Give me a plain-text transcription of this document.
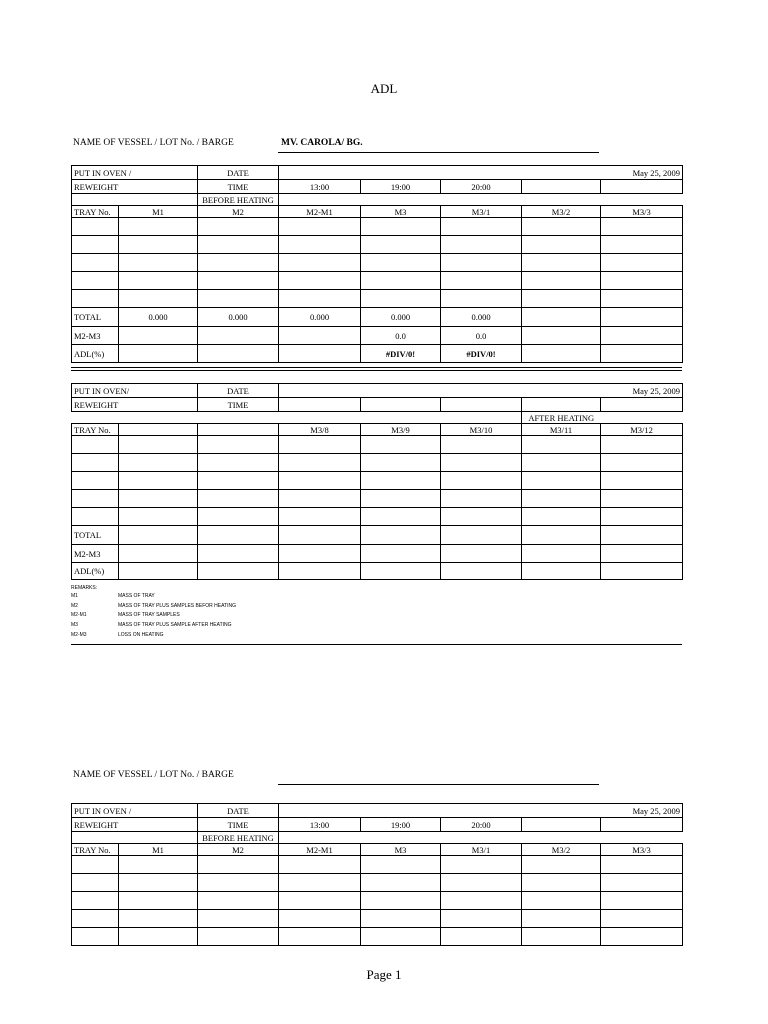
ADL
NAME OF VESSEL / LOT No. / BARGE	MV. CAROLA/ BG.
PUT IN OVEN /		DATE	May 25, 2009				
REWEIGHT		TIME	13:00	19:00	20:00		
		BEFORE HEATING					
TRAY No.	M1	M2	M2-M1	M3	M3/1	M3/2	M3/3

TOTAL	0.000	0.000	0.000	0.000	0.000		
M2-M3				0.0	0.0		
ADL(%)				#DIV/0!	#DIV/0!		
PUT IN OVEN/		DATE	May 25, 2009				
REWEIGHT		TIME					
						AFTER HEATING	
TRAY No.			M3/8	M3/9	M3/10	M3/11	M3/12

TOTAL							
M2-M3							
ADL(%)							
REMARKS:
M1	MASS OF TRAY
M2	MASS OF TRAY PLUS SAMPLES BEFOR HEATING
M2-M1	MASS OF TRAY SAMPLES
M3	MASS OF TRAY PLUS SAMPLE AFTER HEATING
M2-M3	LOSS ON HEATING
NAME OF VESSEL / LOT No. / BARGE
PUT IN OVEN /		DATE	May 25, 2009				
REWEIGHT		TIME	13:00	19:00	20:00		
		BEFORE HEATING					
TRAY No.	M1	M2	M2-M1	M3	M3/1	M3/2	M3/3

Page 1
